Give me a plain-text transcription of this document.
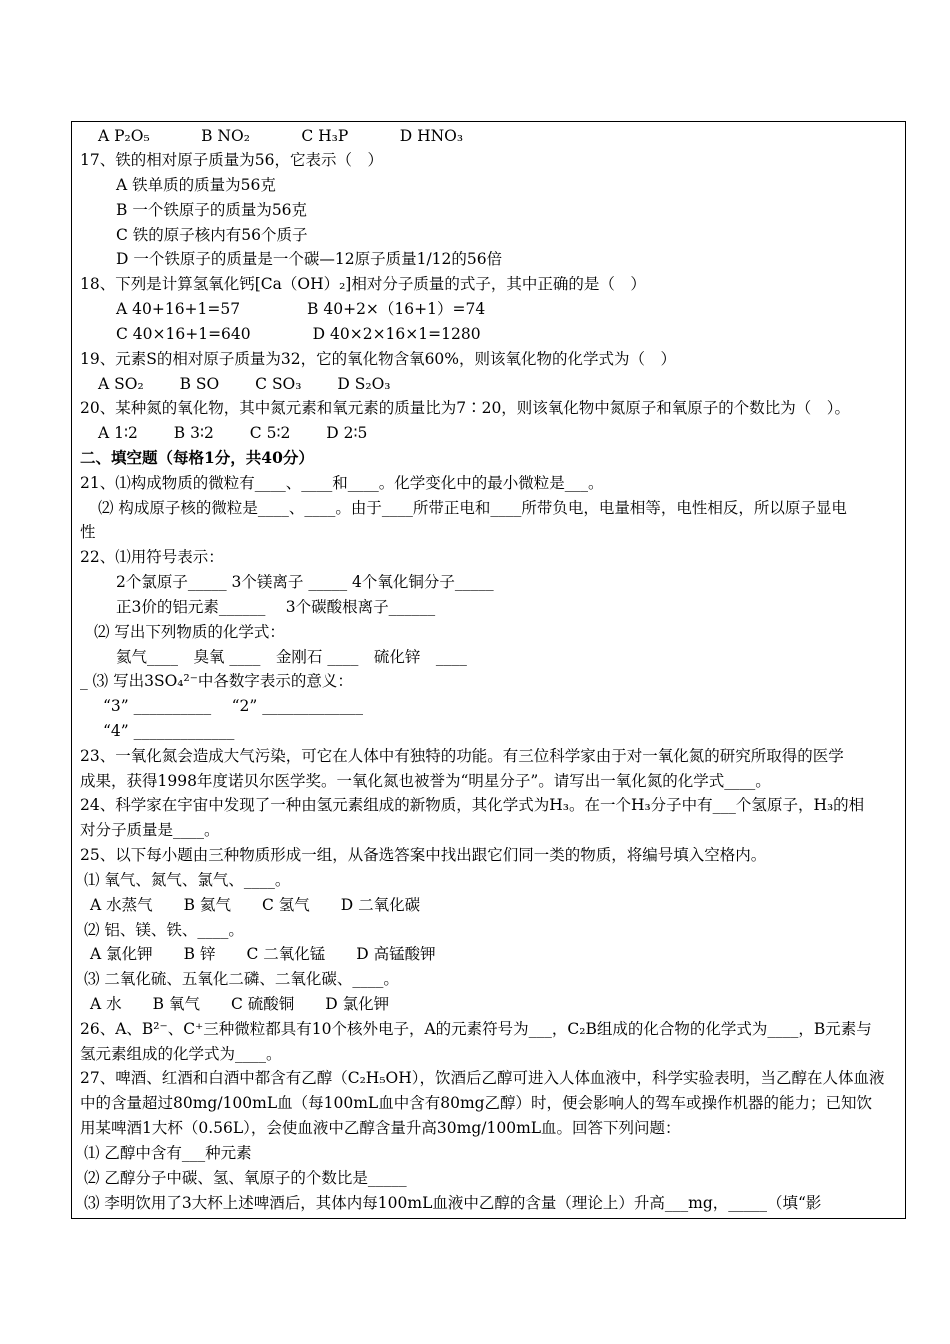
A P₂O₅　　 　B NO₂　　 　C H₃P　　 　D HNO₃
17、铁的相对原子质量为56，它表示（　）
A 铁单质的质量为56克
B 一个铁原子的质量为56克
C 铁的原子核内有56个质子
D 一个铁原子的质量是一个碳—12原子质量1/12的56倍
18、下列是计算氢氧化钙[Ca（OH）₂]相对分子质量的式子，其中正确的是（　）
A 40+16+1=57　　　　 B 40+2×（16+1）=74
C 40×16+1=640　　　　D 40×2×16×1=1280
19、元素S的相对原子质量为32，它的氧化物含氧60%，则该氧化物的化学式为（　）
A SO₂　　 B SO　　 C SO₃　　 D S₂O₃
20、某种氮的氧化物，其中氮元素和氧元素的质量比为7∶20，则该氧化物中氮原子和氧原子的个数比为（　）。
A 1∶2　　 B 3∶2　　 C 5∶2　　 D 2∶5
二、填空题（每格1分，共40分）
21、⑴构成物质的微粒有____、____和____。化学变化中的最小微粒是___。
⑵ 构成原子核的微粒是____、____。由于____所带正电和____所带负电，电量相等，电性相反，所以原子显电
性
22、⑴用符号表示：
2个氯原子_____ 3个镁离子 _____ 4个氧化铜分子_____
正3价的铝元素______ 　3个碳酸根离子______
⑵ 写出下列物质的化学式：
氦气____　臭氧 ____　金刚石 ____　硫化锌　____
_ ⑶ 写出3SO₄²⁻中各数字表示的意义：
“3” __________　 “2” _____________
“4” _____________
23、一氧化氮会造成大气污染，可它在人体中有独特的功能。有三位科学家由于对一氧化氮的研究所取得的医学
成果，获得1998年度诺贝尔医学奖。一氧化氮也被誉为“明星分子”。请写出一氧化氮的化学式____。
24、科学家在宇宙中发现了一种由氢元素组成的新物质，其化学式为H₃。在一个H₃分子中有___个氢原子，H₃的相
对分子质量是____。
25、以下每小题由三种物质形成一组，从备选答案中找出跟它们同一类的物质，将编号填入空格内。
⑴ 氧气、氮气、氯气、____。
A 水蒸气　　B 氦气　　C 氢气　　D 二氧化碳
⑵ 铝、镁、铁、____。
A 氯化钾　　B 锌　　C 二氧化锰　　D 高锰酸钾
⑶ 二氧化硫、五氧化二磷、二氧化碳、____。
A 水　　B 氧气　　C 硫酸铜　　D 氯化钾
26、A、B²⁻、C⁺三种微粒都具有10个核外电子，A的元素符号为___，C₂B组成的化合物的化学式为____，B元素与
氢元素组成的化学式为____。
27、啤酒、红酒和白酒中都含有乙醇（C₂H₅OH），饮酒后乙醇可进入人体血液中，科学实验表明，当乙醇在人体血液
中的含量超过80mg/100mL血（每100mL血中含有80mg乙醇）时，便会影响人的驾车或操作机器的能力；已知饮
用某啤酒1大杯（0.56L），会使血液中乙醇含量升高30mg/100mL血。回答下列问题：
⑴ 乙醇中含有___种元素
⑵ 乙醇分子中碳、氢、氧原子的个数比是_____
⑶ 李明饮用了3大杯上述啤酒后，其体内每100mL血液中乙醇的含量（理论上）升高___mg，_____（填“影
